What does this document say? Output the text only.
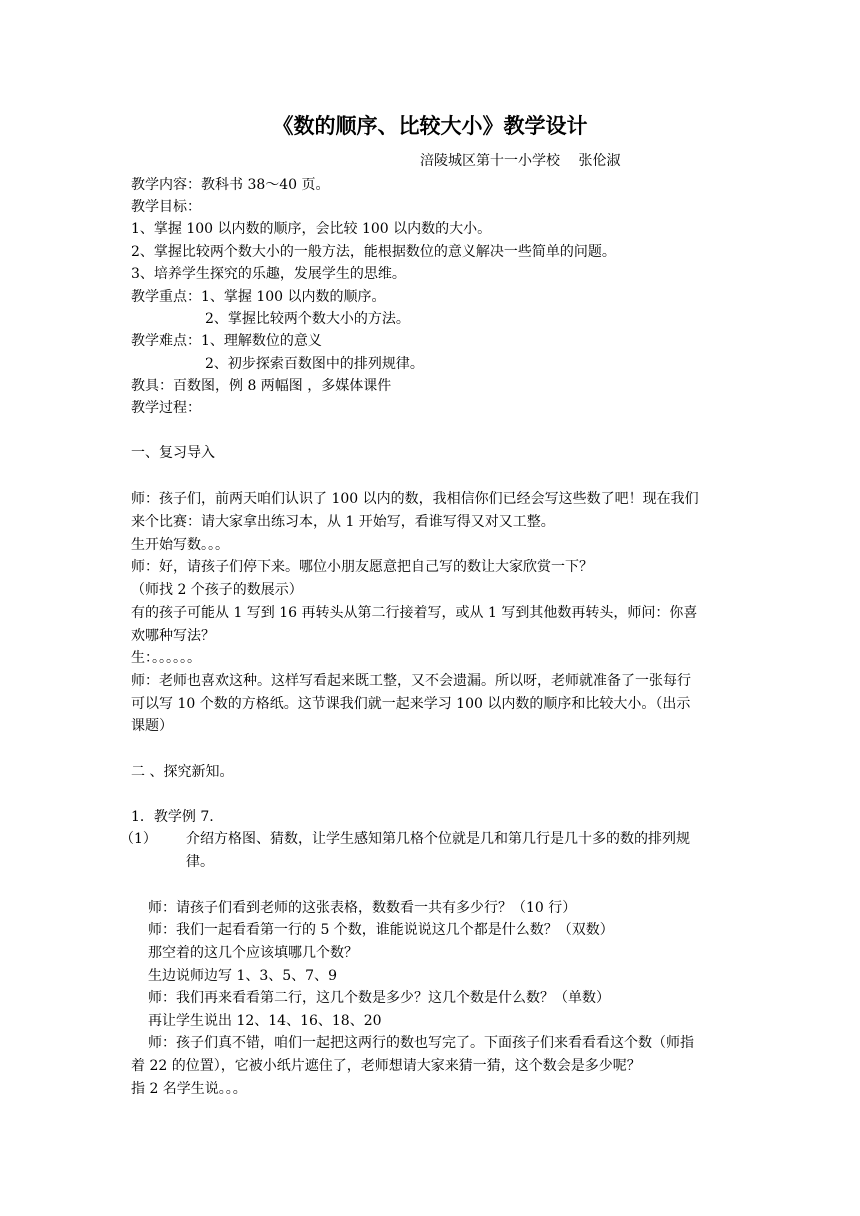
《数的顺序、比较大小》教学设计
涪陵城区第十一小学校　 张伦淑
教学内容：教科书 38～40 页。
教学目标：
1、掌握 100 以内数的顺序，会比较 100 以内数的大小。
2、掌握比较两个数大小的一般方法，能根据数位的意义解决一些简单的问题。
3、培养学生探究的乐趣，发展学生的思维。
教学重点：1、掌握 100 以内数的顺序。
2、掌握比较两个数大小的方法。
教学难点：1、理解数位的意义
2、初步探索百数图中的排列规律。
教具：百数图，例 8 两幅图 ，多媒体课件
教学过程：
一、复习导入
师：孩子们，前两天咱们认识了 100 以内的数，我相信你们已经会写这些数了吧！现在我们
来个比赛：请大家拿出练习本，从 1 开始写，看谁写得又对又工整。
生开始写数。。。
师：好，请孩子们停下来。哪位小朋友愿意把自己写的数让大家欣赏一下？
（师找 2 个孩子的数展示）
有的孩子可能从 1 写到 16 再转头从第二行接着写，或从 1 写到其他数再转头，师问：你喜
欢哪种写法？
生：。。。。。。
师：老师也喜欢这种。这样写看起来既工整，又不会遗漏。所以呀，老师就准备了一张每行
可以写 10 个数的方格纸。这节课我们就一起来学习 100 以内数的顺序和比较大小。（出示
课题）
二 、探究新知。
1．教学例 7.
（1） 介绍方格图、猜数，让学生感知第几格个位就是几和第几行是几十多的数的排列规
律。
师：请孩子们看到老师的这张表格，数数看一共有多少行？（10 行）
师：我们一起看看第一行的 5 个数，谁能说说这几个都是什么数？（双数）
那空着的这几个应该填哪几个数？
生边说师边写 1、3、5、7、9
师：我们再来看看第二行，这几个数是多少？这几个数是什么数？（单数）
再让学生说出 12、14、16、18、20
师：孩子们真不错，咱们一起把这两行的数也写完了。下面孩子们来看看看这个数（师指
着 22 的位置），它被小纸片遮住了，老师想请大家来猜一猜，这个数会是多少呢？
指 2 名学生说。。。
